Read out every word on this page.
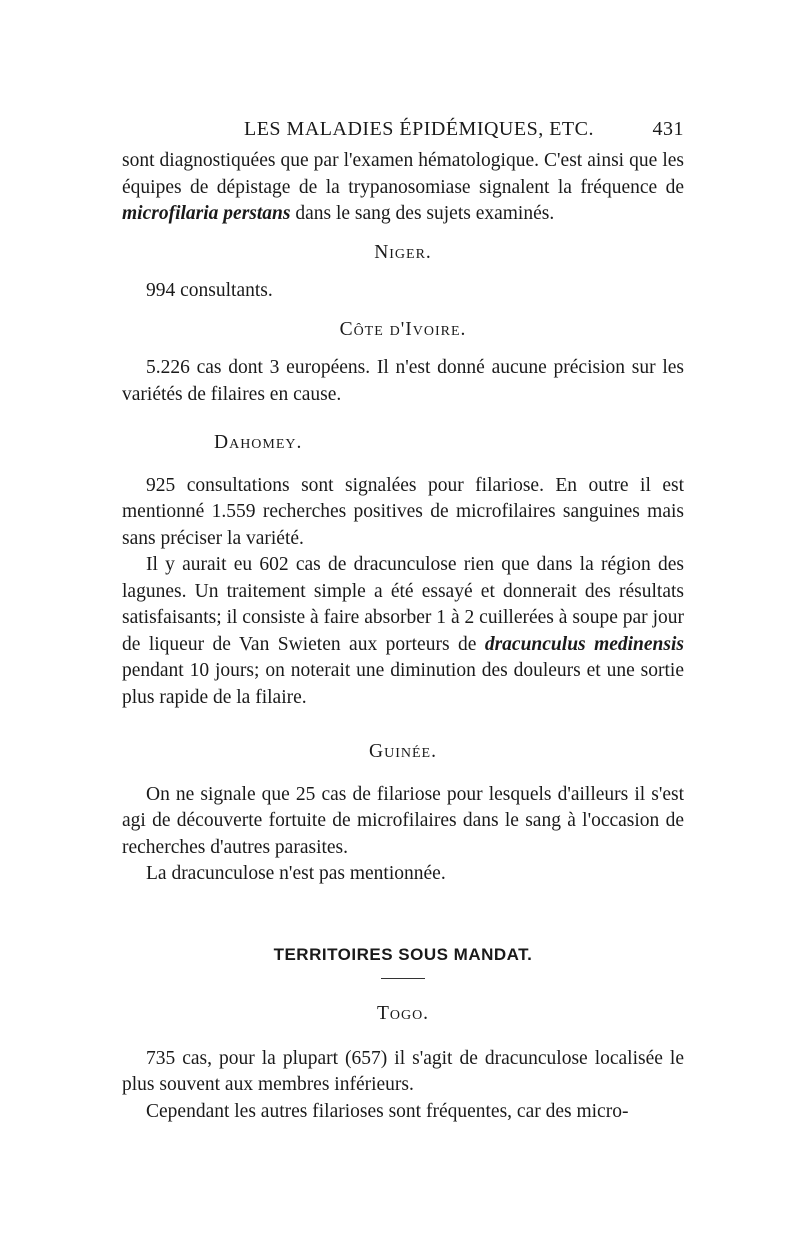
LES MALADIES ÉPIDÉMIQUES, ETC.	431

sont diagnostiquées que par l'examen hématologique. C'est ainsi que les équipes de dépistage de la trypanosomiase signalent la fréquence de microfilaria perstans dans le sang des sujets examinés.

Niger.

994 consultants.

Côte d'Ivoire.

5.226 cas dont 3 européens. Il n'est donné aucune précision sur les variétés de filaires en cause.

Dahomey.

925 consultations sont signalées pour filariose. En outre il est mentionné 1.559 recherches positives de microfilaires sanguines mais sans préciser la variété.

Il y aurait eu 602 cas de dracunculose rien que dans la région des lagunes. Un traitement simple a été essayé et donnerait des résultats satisfaisants; il consiste à faire absorber 1 à 2 cuillerées à soupe par jour de liqueur de Van Swieten aux porteurs de dracunculus medinensis pendant 10 jours; on noterait une diminution des douleurs et une sortie plus rapide de la filaire.

Guinée.

On ne signale que 25 cas de filariose pour lesquels d'ailleurs il s'est agi de découverte fortuite de microfilaires dans le sang à l'occasion de recherches d'autres parasites.

La dracunculose n'est pas mentionnée.

TERRITOIRES SOUS MANDAT.
Togo.

735 cas, pour la plupart (657) il s'agit de dracunculose localisée le plus souvent aux membres inférieurs.

Cependant les autres filarioses sont fréquentes, car des micro-
